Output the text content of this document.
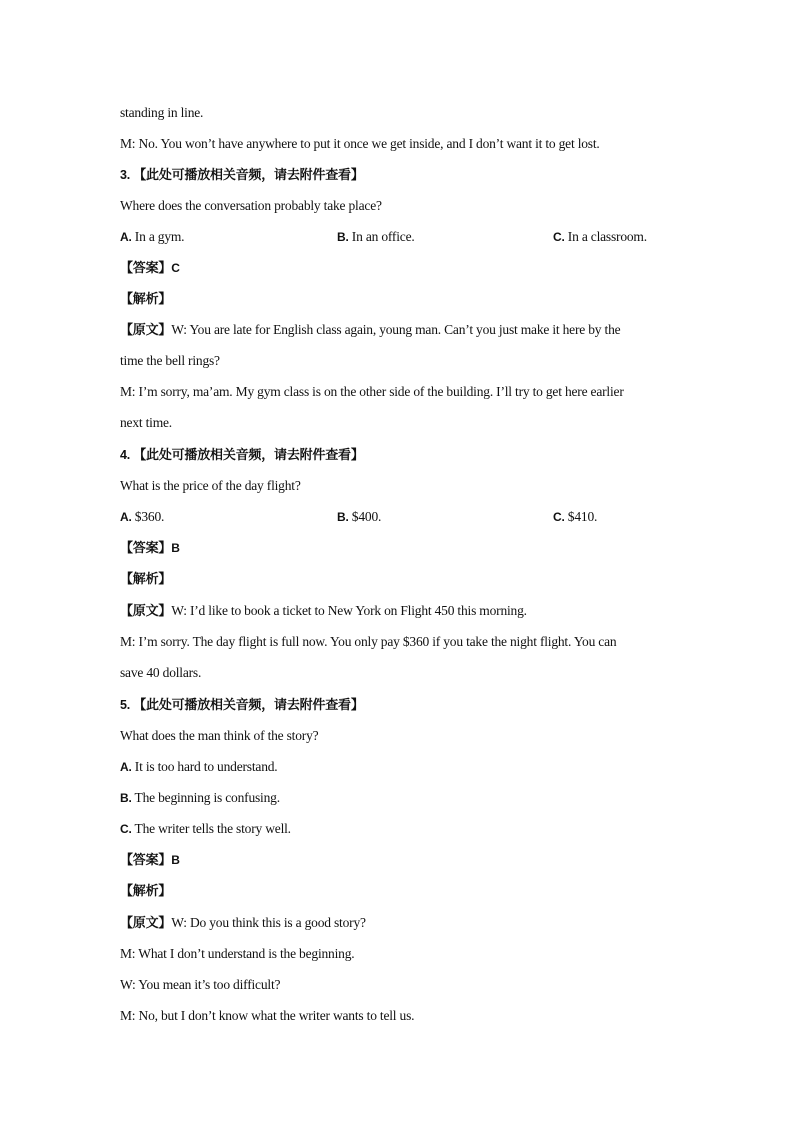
standing in line.
M: No. You won’t have anywhere to put it once we get inside, and I don’t want it to get lost.
3. 【此处可播放相关音频，请去附件查看】
Where does the conversation probably take place?
A. In a gym.	B. In an office.	C. In a classroom.
【答案】C
【解析】
【原文】W: You are late for English class again, young man. Can’t you just make it here by the
time the bell rings?
M: I’m sorry, ma’am. My gym class is on the other side of the building. I’ll try to get here earlier
next time.
4. 【此处可播放相关音频，请去附件查看】
What is the price of the day flight?
A. $360.	B. $400.	C. $410.
【答案】B
【解析】
【原文】W: I’d like to book a ticket to New York on Flight 450 this morning.
M: I’m sorry. The day flight is full now. You only pay $360 if you take the night flight. You can
save 40 dollars.
5. 【此处可播放相关音频，请去附件查看】
What does the man think of the story?
A. It is too hard to understand.
B. The beginning is confusing.
C. The writer tells the story well.
【答案】B
【解析】
【原文】W: Do you think this is a good story?
M: What I don’t understand is the beginning.
W: You mean it’s too difficult?
M: No, but I don’t know what the writer wants to tell us.
